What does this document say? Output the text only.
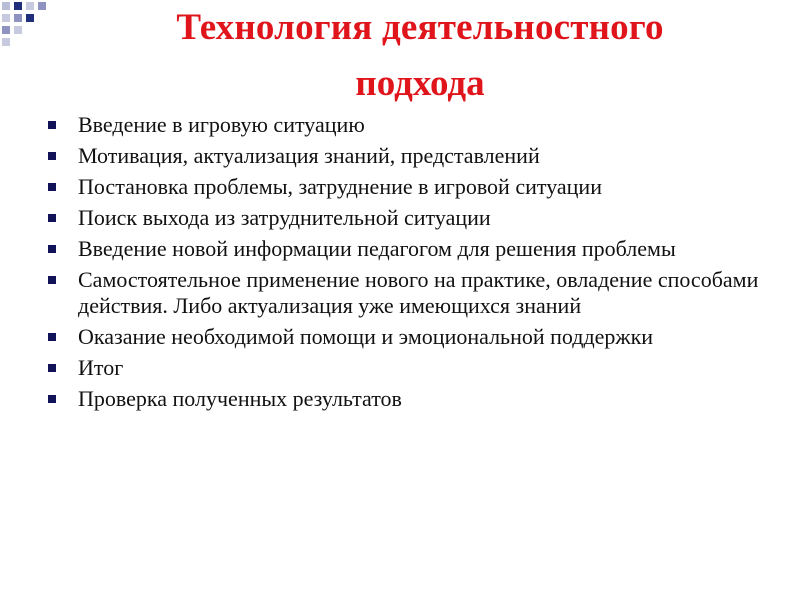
Технология деятельностного
подхода
Введение в игровую ситуацию
Мотивация, актуализация знаний, представлений
Постановка проблемы, затруднение в игровой ситуации
Поиск выхода из затруднительной ситуации
Введение новой информации педагогом для решения проблемы
Самостоятельное применение нового на практике, овладение способами действия. Либо актуализация уже имеющихся знаний
Оказание необходимой помощи и эмоциональной поддержки
Итог
Проверка полученных результатов
